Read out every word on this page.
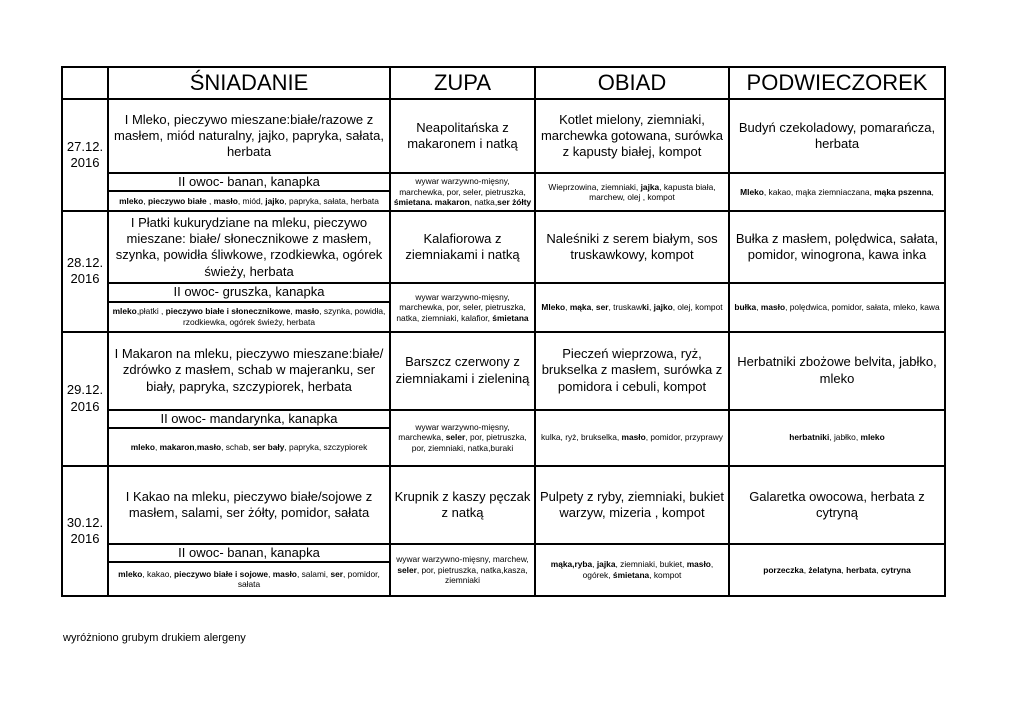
	ŚNIADANIE	ZUPA	OBIAD	PODWIECZOREK
27.12.
2016	I Mleko, pieczywo mieszane:białe/razowe z masłem, miód naturalny, jajko, papryka, sałata, herbata	Neapolitańska z makaronem i natką	Kotlet mielony, ziemniaki, marchewka gotowana, surówka z kapusty białej, kompot	Budyń czekoladowy, pomarańcza, herbata
	II owoc- banan, kanapka	wywar warzywno-mięsny, marchewka, por, seler, pietruszka, śmietana. makaron, natka,ser żółty	Wieprzowina, ziemniaki, jajka, kapusta biała, marchew, olej , kompot	Mleko, kakao, mąka ziemniaczana, mąka pszenna,
	mleko, pieczywo białe , masło, miód, jajko, papryka, sałata, herbata			
28.12.
2016	I Płatki kukurydziane na mleku, pieczywo mieszane: białe/ słonecznikowe z masłem, szynka, powidła śliwkowe, rzodkiewka, ogórek świeży, herbata	Kalafiorowa z ziemniakami i natką	Naleśniki z serem białym, sos truskawkowy, kompot	Bułka z masłem, polędwica, sałata, pomidor, winogrona, kawa inka
	II owoc- gruszka, kanapka	wywar warzywno-mięsny, marchewka, por, seler, pietruszka, natka, ziemniaki, kalafior, śmietana	Mleko, mąka, ser, truskawki, jajko, olej, kompot	bułka, masło, polędwica, pomidor, sałata, mleko, kawa
	mleko,płatki , pieczywo białe i słonecznikowe, masło, szynka, powidła, rzodkiewka, ogórek świeży, herbata			
29.12.
2016	I Makaron na mleku, pieczywo mieszane:białe/ zdrówko z masłem, schab w majeranku, ser biały, papryka, szczypiorek, herbata	Barszcz czerwony z ziemniakami i zieleniną	Pieczeń wieprzowa, ryż, brukselka z masłem, surówka z pomidora i cebuli, kompot	Herbatniki zbożowe belvita, jabłko, mleko
	II owoc- mandarynka, kanapka	wywar warzywno-mięsny, marchewka, seler, por, pietruszka, por, ziemniaki, natka,buraki	kulka, ryż, brukselka, masło, pomidor, przyprawy	herbatniki, jabłko, mleko
	mleko, makaron,masło, schab, ser bały, papryka, szczypiorek			
30.12.
2016	I Kakao na mleku, pieczywo białe/sojowe z masłem, salami, ser żółty, pomidor, sałata	Krupnik z kaszy pęczak z natką	Pulpety z ryby, ziemniaki, bukiet warzyw, mizeria , kompot	Galaretka owocowa, herbata z cytryną
	II owoc- banan, kanapka	wywar warzywno-mięsny, marchew, seler, por, pietruszka, natka,kasza, ziemniaki	mąka,ryba, jajka, ziemniaki, bukiet, masło, ogórek, śmietana, kompot	porzeczka, żelatyna, herbata, cytryna
	mleko, kakao, pieczywo białe i sojowe, masło, salami, ser, pomidor, sałata			
wyróżniono grubym drukiem alergeny
